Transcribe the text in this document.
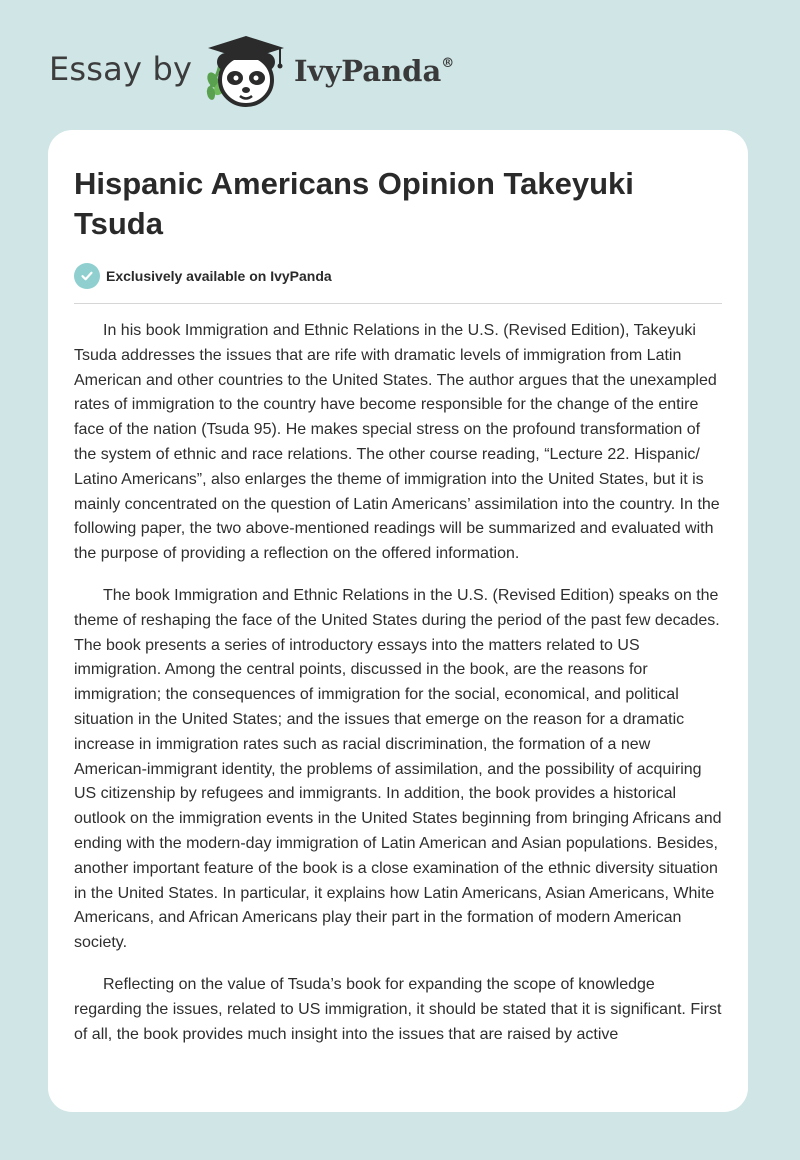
Essay by	IvyPanda®
Hispanic Americans Opinion Takeyuki Tsuda
Exclusively available on IvyPanda

In his book Immigration and Ethnic Relations in the U.S. (Revised Edition), Takeyuki Tsuda addresses the issues that are rife with dramatic levels of immigration from Latin American and other countries to the United States. The author argues that the unexampled rates of immigration to the country have become responsible for the change of the entire face of the nation (Tsuda 95). He makes special stress on the profound transformation of the system of ethnic and race relations. The other course reading, “Lecture 22. Hispanic/ Latino Americans”, also enlarges the theme of immigration into the United States, but it is mainly concentrated on the question of Latin Americans’ assimilation into the country. In the following paper, the two above-mentioned readings will be summarized and evaluated with the purpose of providing a reflection on the offered information.

The book Immigration and Ethnic Relations in the U.S. (Revised Edition) speaks on the theme of reshaping the face of the United States during the period of the past few decades. The book presents a series of introductory essays into the matters related to US immigration. Among the central points, discussed in the book, are the reasons for immigration; the consequences of immigration for the social, economical, and political situation in the United States; and the issues that emerge on the reason for a dramatic increase in immigration rates such as racial discrimination, the formation of a new American-immigrant identity, the problems of assimilation, and the possibility of acquiring US citizenship by refugees and immigrants. In addition, the book provides a historical outlook on the immigration events in the United States beginning from bringing Africans and ending with the modern-day immigration of Latin American and Asian populations. Besides, another important feature of the book is a close examination of the ethnic diversity situation in the United States. In particular, it explains how Latin Americans, Asian Americans, White Americans, and African Americans play their part in the formation of modern American society.

Reflecting on the value of Tsuda’s book for expanding the scope of knowledge regarding the issues, related to US immigration, it should be stated that it is significant. First of all, the book provides much insight into the issues that are raised by active
